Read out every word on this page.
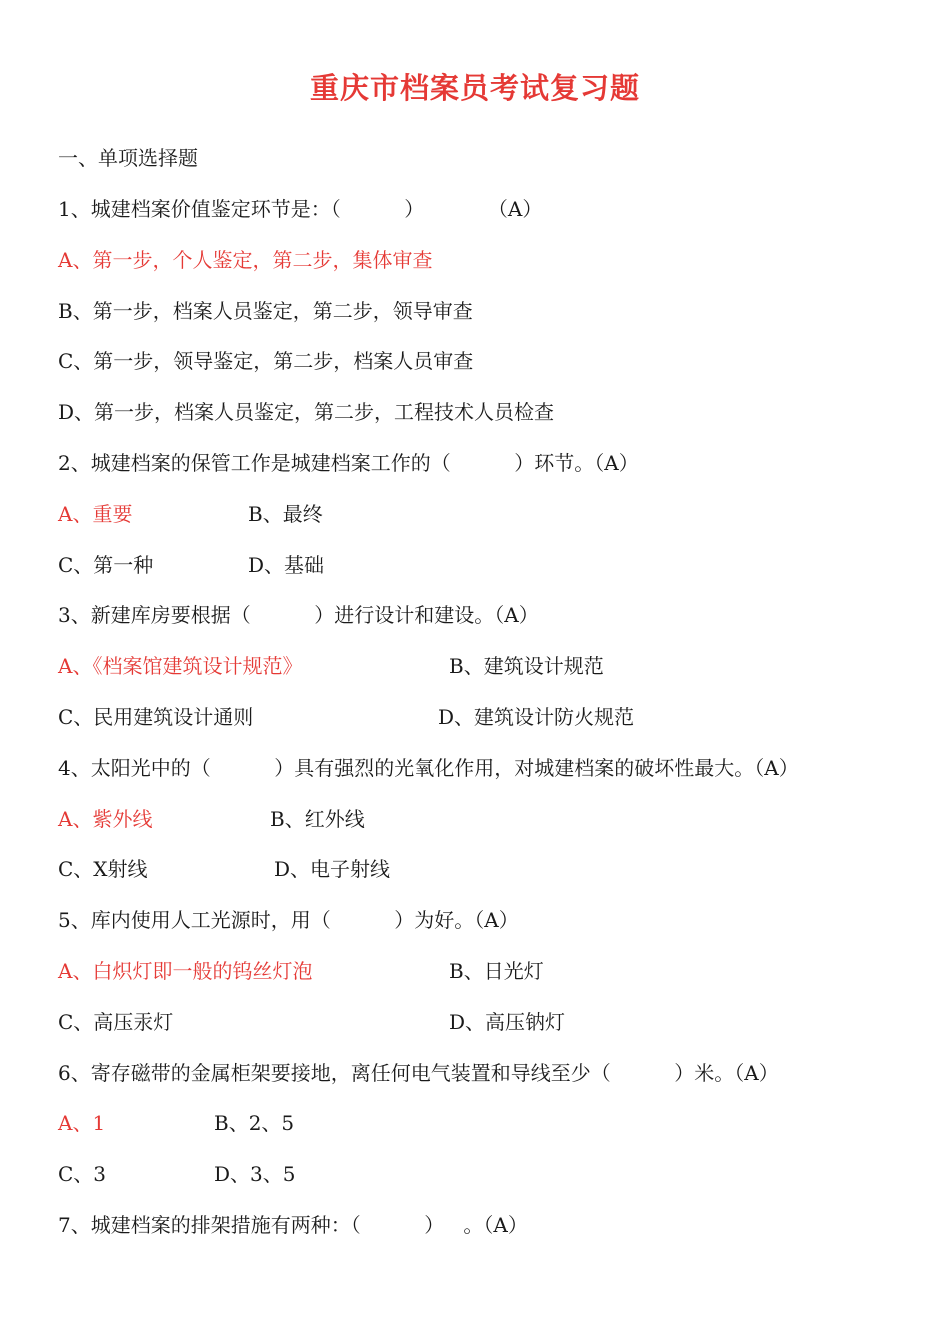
重庆市档案员考试复习题
一、单项选择题
1、城建档案价值鉴定环节是：（          ）          （A）
A、第一步，个人鉴定，第二步，集体审查
B、第一步，档案人员鉴定，第二步，领导审查
C、第一步，领导鉴定，第二步，档案人员审查
D、第一步，档案人员鉴定，第二步，工程技术人员检查
2、城建档案的保管工作是城建档案工作的（          ）环节。（A）
A、重要	B、最终
C、第一种	D、基础
3、新建库房要根据（          ）进行设计和建设。（A）
A、《档案馆建筑设计规范》	B、建筑设计规范
C、民用建筑设计通则	D、建筑设计防火规范
4、太阳光中的（          ）具有强烈的光氧化作用，对城建档案的破坏性最大。（A）
A、紫外线	B、红外线
C、X射线	D、电子射线
5、库内使用人工光源时，用（          ）为好。（A）
A、白炽灯即一般的钨丝灯泡	B、日光灯
C、高压汞灯	D、高压钠灯
6、寄存磁带的金属柜架要接地，离任何电气装置和导线至少（          ）米。（A）
A、1	B、2、5
C、3	D、3、5
7、城建档案的排架措施有两种：（          ）   。（A）
